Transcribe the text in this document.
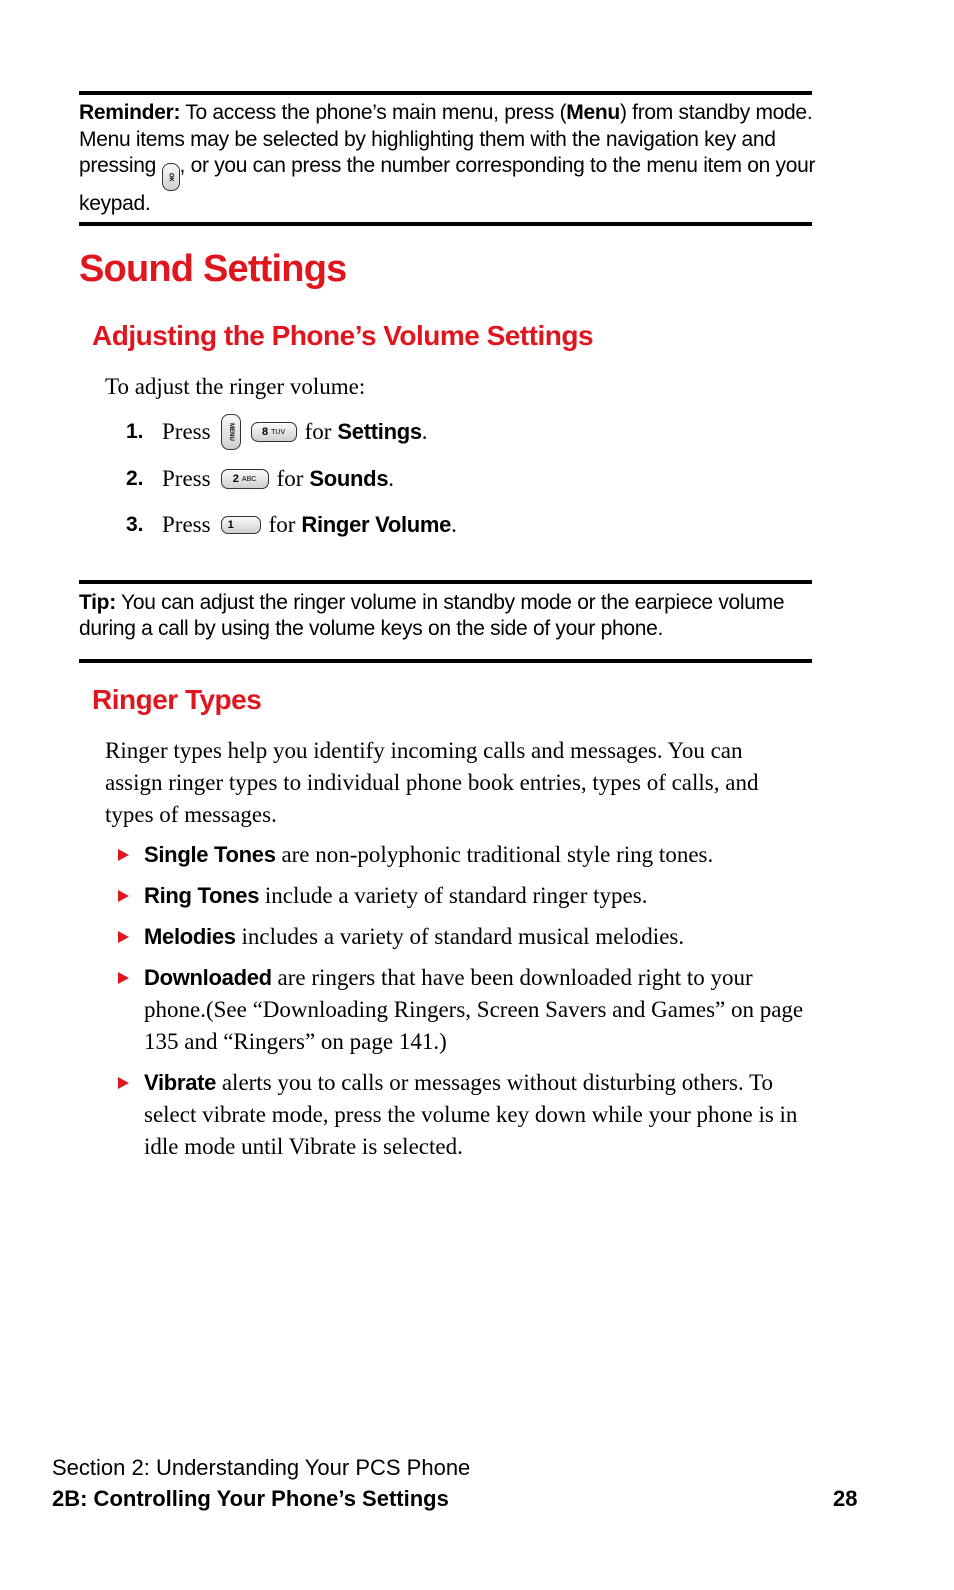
Reminder: To access the phone’s main menu, press (Menu) from standby mode. Menu items may be selected by highlighting them with the navigation key and pressing
OK
, or you can press the number corresponding to the menu item on your keypad.
Sound Settings
Adjusting the Phone’s Volume Settings
To adjust the ringer volume:
1. Press	MENU	8 TUV for Settings .
2. Press 2 ABC for Sounds .
3. Press 1 for Ringer Volume .
Tip: You can adjust the ringer volume in standby mode or the earpiece volume during a call by using the volume keys on the side of your phone.
Ringer Types
Ringer types help you identify incoming calls and messages. You can assign ringer types to individual phone book entries, types of calls, and types of messages.
Single Tones are non-polyphonic traditional style ring tones.
Ring Tones include a variety of standard ringer types.
Melodies includes a variety of standard musical melodies.
Downloaded are ringers that have been downloaded right to your phone.(See “Downloading Ringers, Screen Savers and Games” on page 135 and “Ringers” on page 141.)
Vibrate alerts you to calls or messages without disturbing others. To select vibrate mode, press the volume key down while your phone is in idle mode until Vibrate is selected.
Section 2: Understanding Your PCS Phone
2B: Controlling Your Phone’s Settings	28
